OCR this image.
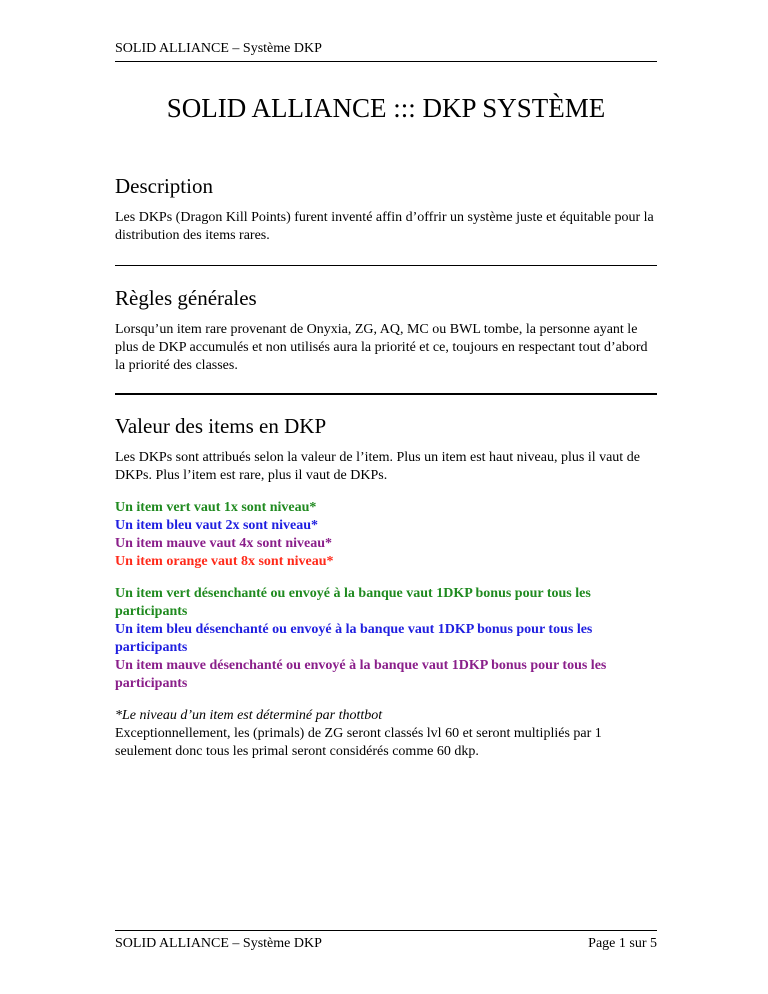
SOLID ALLIANCE – Système DKP
SOLID ALLIANCE ::: DKP SYSTÈME
Description

Les DKPs (Dragon Kill Points) furent inventé affin d’offrir un système juste et équitable pour la distribution des items rares.

Règles générales

Lorsqu’un item rare provenant de Onyxia, ZG, AQ, MC ou BWL tombe, la personne ayant le plus de DKP accumulés et non utilisés aura la priorité et ce, toujours en respectant tout d’abord la priorité des classes.

Valeur des items en DKP

Les DKPs sont attribués selon la valeur de l’item. Plus un item est haut niveau, plus il vaut de DKPs. Plus l’item est rare, plus il vaut de DKPs.

Un item vert vaut 1x sont niveau*

Un item bleu vaut 2x sont niveau*

Un item mauve vaut 4x sont niveau*

Un item orange vaut 8x sont niveau*

Un item vert désenchanté ou envoyé à la banque vaut 1DKP bonus pour tous les participants

Un item bleu désenchanté ou envoyé à la banque vaut 1DKP bonus pour tous les participants

Un item mauve désenchanté ou envoyé à la banque vaut 1DKP bonus pour tous les participants

*Le niveau d’un item est déterminé par thottbot

Exceptionnellement, les (primals) de ZG seront classés lvl 60 et seront multipliés par 1 seulement donc tous les primal seront considérés comme 60 dkp.

SOLID ALLIANCE – Système DKP	Page 1 sur 5
